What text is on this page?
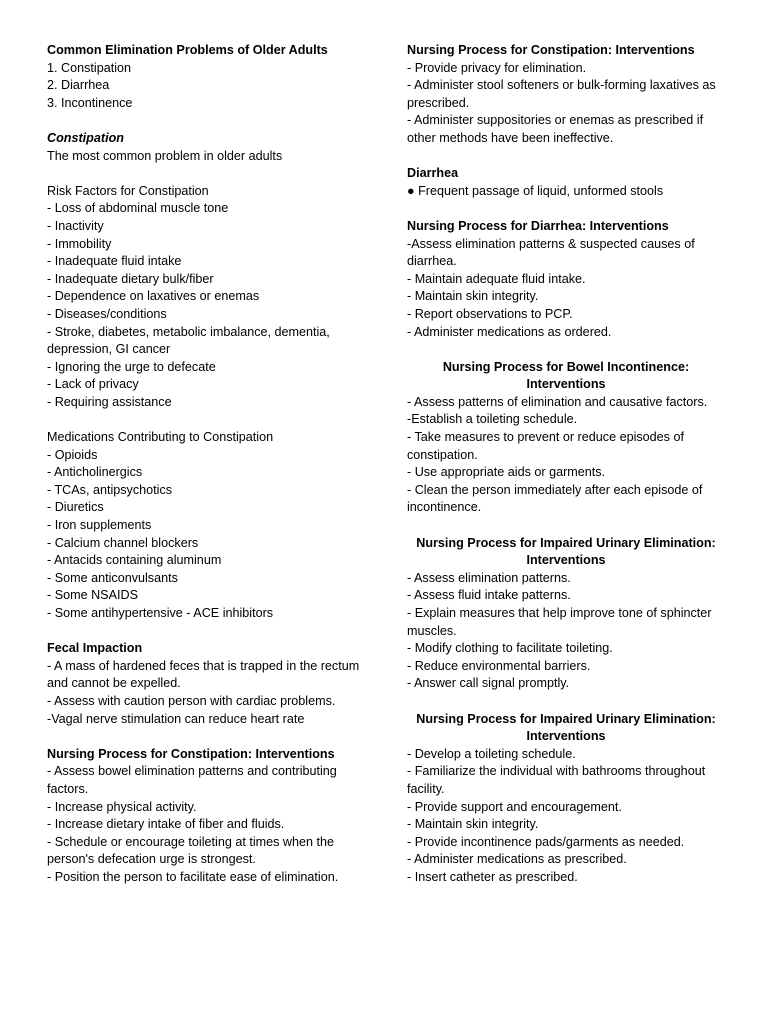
Common Elimination Problems of Older Adults

1. Constipation
2. Diarrhea
3. Incontinence

Constipation

The most common problem in older adults

Risk Factors for Constipation

- Loss of abdominal muscle tone
- Inactivity
- Immobility
- Inadequate fluid intake
- Inadequate dietary bulk/fiber
- Dependence on laxatives or enemas
- Diseases/conditions
- Stroke, diabetes, metabolic imbalance, dementia, depression, GI cancer
- Ignoring the urge to defecate
- Lack of privacy
- Requiring assistance

Medications Contributing to Constipation

- Opioids
- Anticholinergics
- TCAs, antipsychotics
- Diuretics
- Iron supplements
- Calcium channel blockers
- Antacids containing aluminum
- Some anticonvulsants
- Some NSAIDS
- Some antihypertensive - ACE inhibitors

Fecal Impaction

- A mass of hardened feces that is trapped in the rectum and cannot be expelled.
- Assess with caution person with cardiac problems.
-Vagal nerve stimulation can reduce heart rate

Nursing Process for Constipation: Interventions

- Assess bowel elimination patterns and contributing factors.
- Increase physical activity.
- Increase dietary intake of fiber and fluids.
- Schedule or encourage toileting at times when the person's defecation urge is strongest.
- Position the person to facilitate ease of elimination.

Nursing Process for Constipation: Interventions

- Provide privacy for elimination.
- Administer stool softeners or bulk-forming laxatives as prescribed.
- Administer suppositories or enemas as prescribed if other methods have been ineffective.

Diarrhea

● Frequent passage of liquid, unformed stools

Nursing Process for Diarrhea: Interventions

-Assess elimination patterns & suspected causes of diarrhea.
- Maintain adequate fluid intake.
- Maintain skin integrity.
- Report observations to PCP.
- Administer medications as ordered.

Nursing Process for Bowel Incontinence: Interventions

- Assess patterns of elimination and causative factors.
-Establish a toileting schedule.
- Take measures to prevent or reduce episodes of constipation.
- Use appropriate aids or garments.
- Clean the person immediately after each episode of incontinence.

Nursing Process for Impaired Urinary Elimination: Interventions

- Assess elimination patterns.
- Assess fluid intake patterns.
- Explain measures that help improve tone of sphincter muscles.
- Modify clothing to facilitate toileting.
- Reduce environmental barriers.
- Answer call signal promptly.

Nursing Process for Impaired Urinary Elimination: Interventions

- Develop a toileting schedule.
- Familiarize the individual with bathrooms throughout facility.
- Provide support and encouragement.
- Maintain skin integrity.
- Provide incontinence pads/garments as needed.
- Administer medications as prescribed.
- Insert catheter as prescribed.
